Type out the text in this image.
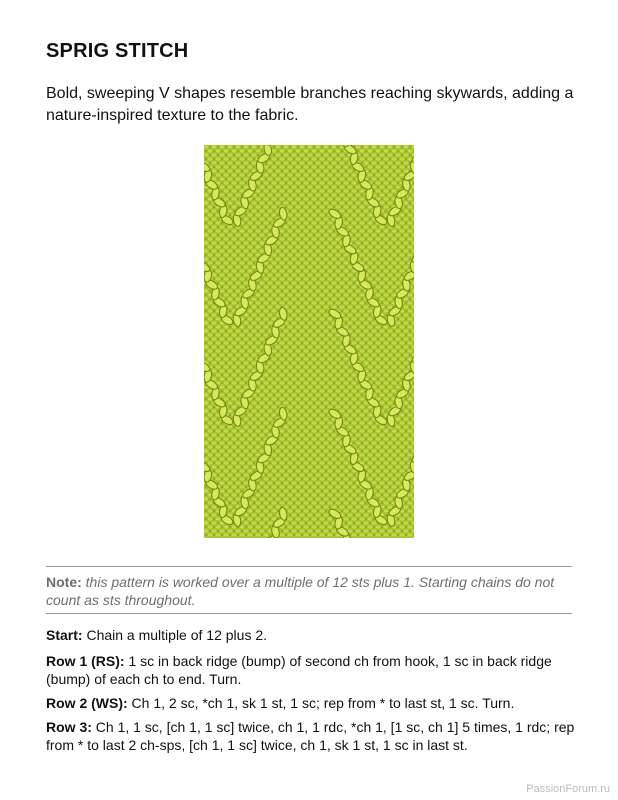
SPRIG STITCH

Bold, sweeping V shapes resemble branches reaching skywards, adding a nature-inspired texture to the fabric.

Note: this pattern is worked over a multiple of 12 sts plus 1. Starting chains do not count as sts throughout.

Start: Chain a multiple of 12 plus 2.

Row 1 (RS): 1 sc in back ridge (bump) of second ch from hook, 1 sc in back ridge (bump) of each ch to end. Turn.

Row 2 (WS): Ch 1, 2 sc, *ch 1, sk 1 st, 1 sc; rep from * to last st, 1 sc. Turn.

Row 3: Ch 1, 1 sc, [ch 1, 1 sc] twice, ch 1, 1 rdc, *ch 1, [1 sc, ch 1] 5 times, 1 rdc; rep from * to last 2 ch-sps, [ch 1, 1 sc] twice, ch 1, sk 1 st, 1 sc in last st.

PassionForum.ru
